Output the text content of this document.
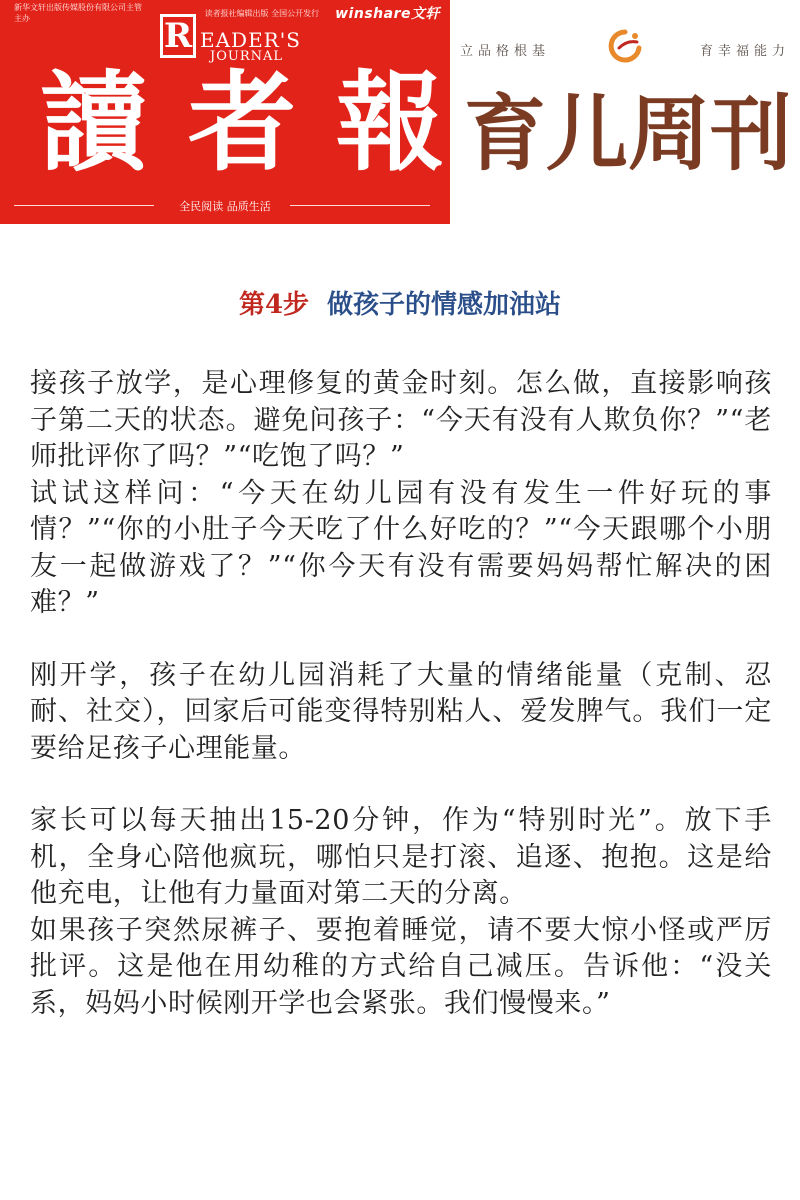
新华文轩出版传媒股份有限公司主管主办
读者报社编辑出版 全国公开发行	winshare文轩
R EADER'S
JOURNAL
讀 者 報
全民阅读 品质生活
立品格根基	育幸福能力
育 儿 周 刊
第4步 做孩子的情感加油站

接孩子放学，是心理修复的黄金时刻。怎么做，直接影响孩子第二天的状态。避免问孩子：“今天有没有人欺负你？”“老师批评你了吗？”“吃饱了吗？”

试试这样问：“今天在幼儿园有没有发生一件好玩的事情？”“你的小肚子今天吃了什么好吃的？”“今天跟哪个小朋友一起做游戏了？”“你今天有没有需要妈妈帮忙解决的困难？”

刚开学，孩子在幼儿园消耗了大量的情绪能量（克制、忍耐、社交），回家后可能变得特别粘人、爱发脾气。我们一定要给足孩子心理能量。

家长可以每天抽出15-20分钟，作为“特别时光”。放下手机，全身心陪他疯玩，哪怕只是打滚、追逐、抱抱。这是给他充电，让他有力量面对第二天的分离。

如果孩子突然尿裤子、要抱着睡觉，请不要大惊小怪或严厉批评。这是他在用幼稚的方式给自己减压。告诉他：“没关系，妈妈小时候刚开学也会紧张。我们慢慢来。”
